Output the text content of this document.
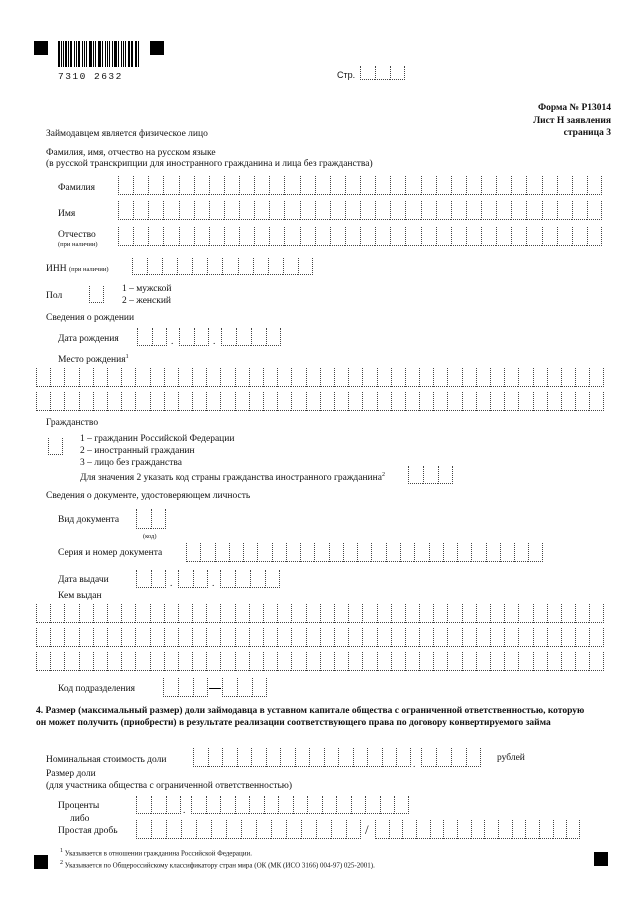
7310 2632	Стр.
Форма № Р13014
Лист Н заявления
страница 3
Займодавцем является физическое лицо
Фамилия, имя, отчество на русском языке
(в русской транскрипции для иностранного гражданина и лица без гражданства)
Фамилия
Имя
Отчество
(при наличии)
ИНН (при наличии)
Пол
1 – мужской
2 – женский
Сведения о рождении
Дата рождения	.	.
Место рождения$^1$
Гражданство
1 – гражданин Российской Федерации
2 – иностранный гражданин
3 – лицо без гражданства
Для значения 2 указать код страны гражданства иностранного гражданина$^2$
Сведения о документе, удостоверяющем личность
Вид документа
(код)
Серия и номер документа
Дата выдачи	.	.
Кем выдан
Код подразделения
4. Размер (максимальный размер) доли займодавца в уставном капитале общества с ограниченной ответственностью, которую он может получить (приобрести) в результате реализации соответствующего права по договору конвертируемого займа
Номинальная стоимость доли	.
рублей
Размер доли
(для участника общества с ограниченной ответственностью)
Проценты	.
либо
Простая дробь	/
$^1$ Указывается в отношении гражданина Российской Федерации.
$^2$ Указывается по Общероссийскому классификатору стран мира (ОК (МК (ИСО 3166) 004-97) 025-2001).
